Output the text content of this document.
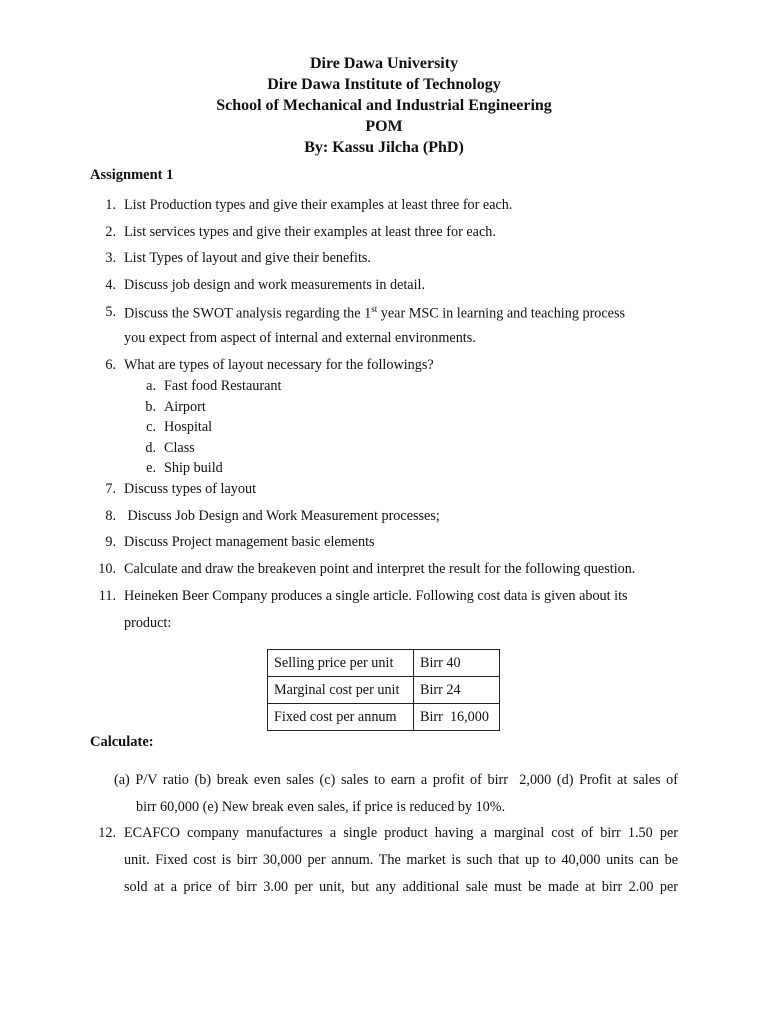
Dire Dawa University
Dire Dawa Institute of Technology
School of Mechanical and Industrial Engineering
POM
By: Kassu Jilcha (PhD)
Assignment 1
1. List Production types and give their examples at least three for each.
2. List services types and give their examples at least three for each.
3. List Types of layout and give their benefits.
4. Discuss job design and work measurements in detail.
5. Discuss the SWOT analysis regarding the 1st year MSC in learning and teaching process
you expect from aspect of internal and external environments.
6. What are types of layout necessary for the followings?
a. Fast food Restaurant
b. Airport
c. Hospital
d. Class
e. Ship build
7. Discuss types of layout
8. Discuss Job Design and Work Measurement processes;
9. Discuss Project management basic elements
10. Calculate and draw the breakeven point and interpret the result for the following question.
11. Heineken Beer Company produces a single article. Following cost data is given about its
product:
Selling price per unit	Birr 40
Marginal cost per unit	Birr 24
Fixed cost per annum	Birr  16,000
Calculate:
(a) P/V ratio (b) break even sales (c) sales to earn a profit of birr  2,000 (d) Profit at sales of
birr 60,000 (e) New break even sales, if price is reduced by 10%.
12. ECAFCO company manufactures a single product having a marginal cost of birr 1.50 per
unit. Fixed cost is birr 30,000 per annum. The market is such that up to 40,000 units can be
sold at a price of birr 3.00 per unit, but any additional sale must be made at birr 2.00 per
